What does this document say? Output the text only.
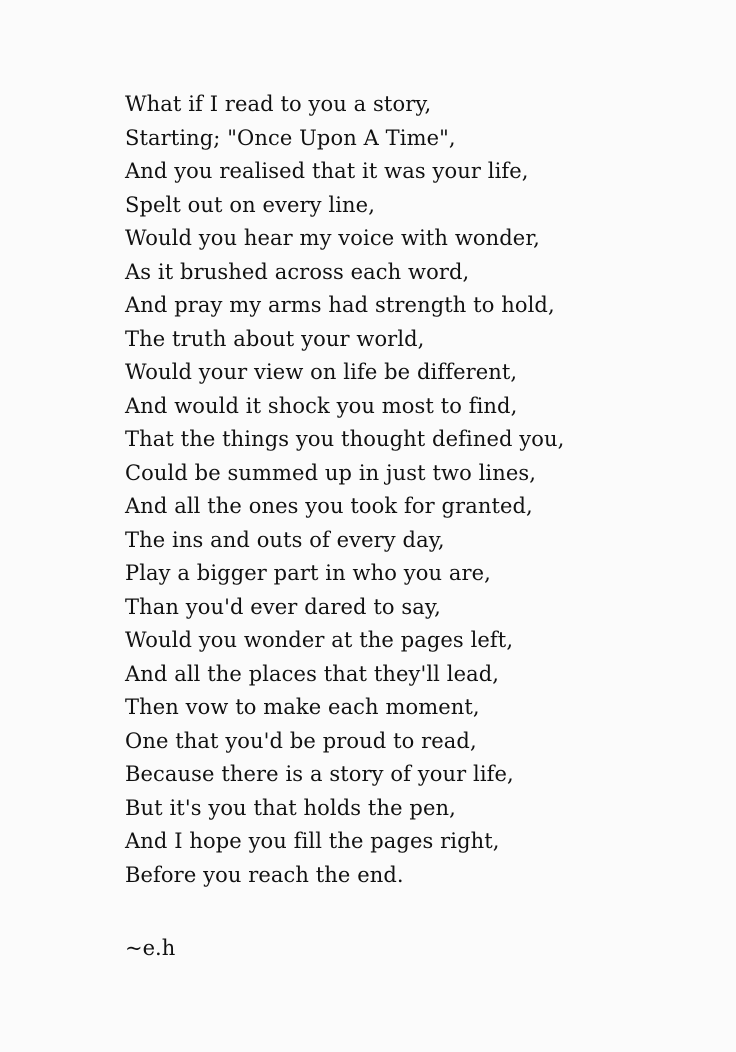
What if I read to you a story,
Starting; "Once Upon A Time",
And you realised that it was your life,
Spelt out on every line,
Would you hear my voice with wonder,
As it brushed across each word,
And pray my arms had strength to hold,
The truth about your world,
Would your view on life be different,
And would it shock you most to find,
That the things you thought defined you,
Could be summed up in just two lines,
And all the ones you took for granted,
The ins and outs of every day,
Play a bigger part in who you are,
Than you'd ever dared to say,
Would you wonder at the pages left,
And all the places that they'll lead,
Then vow to make each moment,
One that you'd be proud to read,
Because there is a story of your life,
But it's you that holds the pen,
And I hope you fill the pages right,
Before you reach the end.
~e.h
